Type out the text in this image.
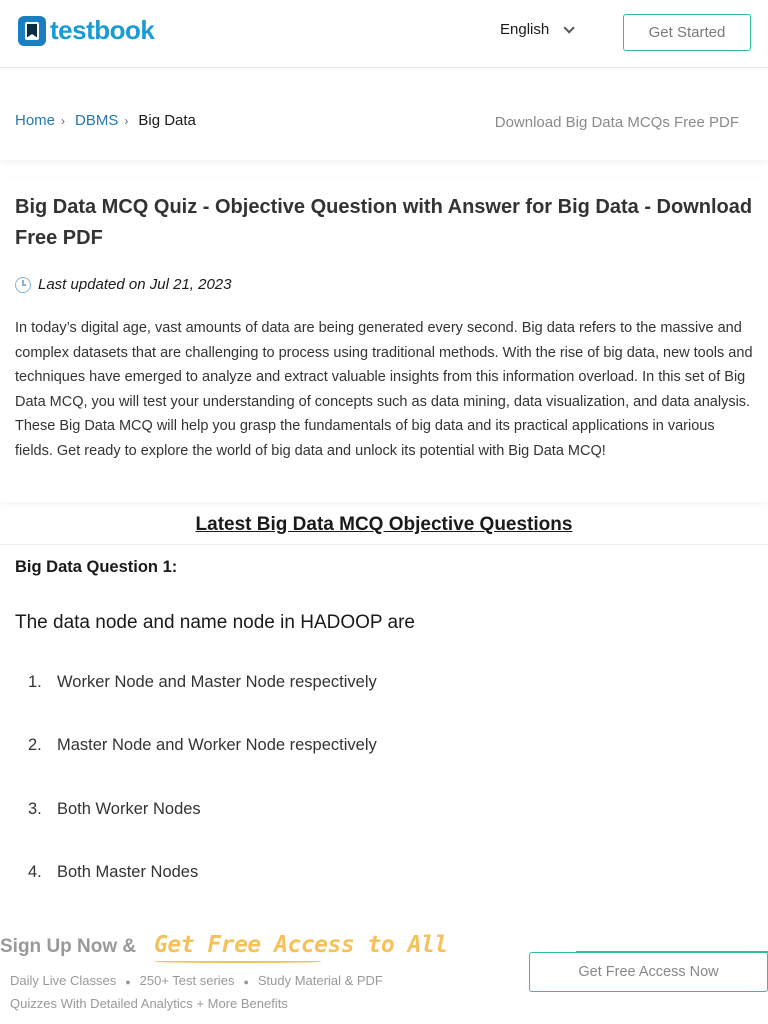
testbook	English	Get Started
Home › DBMS › Big Data	Download Big Data MCQs Free PDF
Big Data MCQ Quiz - Objective Question with Answer for Big Data - Download Free PDF
Last updated on Jul 21, 2023

In today’s digital age, vast amounts of data are being generated every second. Big data refers to the massive and complex datasets that are challenging to process using traditional methods. With the rise of big data, new tools and techniques have emerged to analyze and extract valuable insights from this information overload. In this set of Big Data MCQ, you will test your understanding of concepts such as data mining, data visualization, and data analysis. These Big Data MCQ will help you grasp the fundamentals of big data and its practical applications in various fields. Get ready to explore the world of big data and unlock its potential with Big Data MCQ!

Latest Big Data MCQ Objective Questions
Big Data Question 1:
The data node and name node in HADOOP are
1. Worker Node and Master Node respectively
2. Master Node and Worker Node respectively
3. Both Worker Nodes
4. Both Master Nodes
Sign Up Now & Get Free Access to All
Daily Live Classes ● 250+ Test series ● Study Material & PDF
Quizzes With Detailed Analytics + More Benefits
Get Free Access Now
